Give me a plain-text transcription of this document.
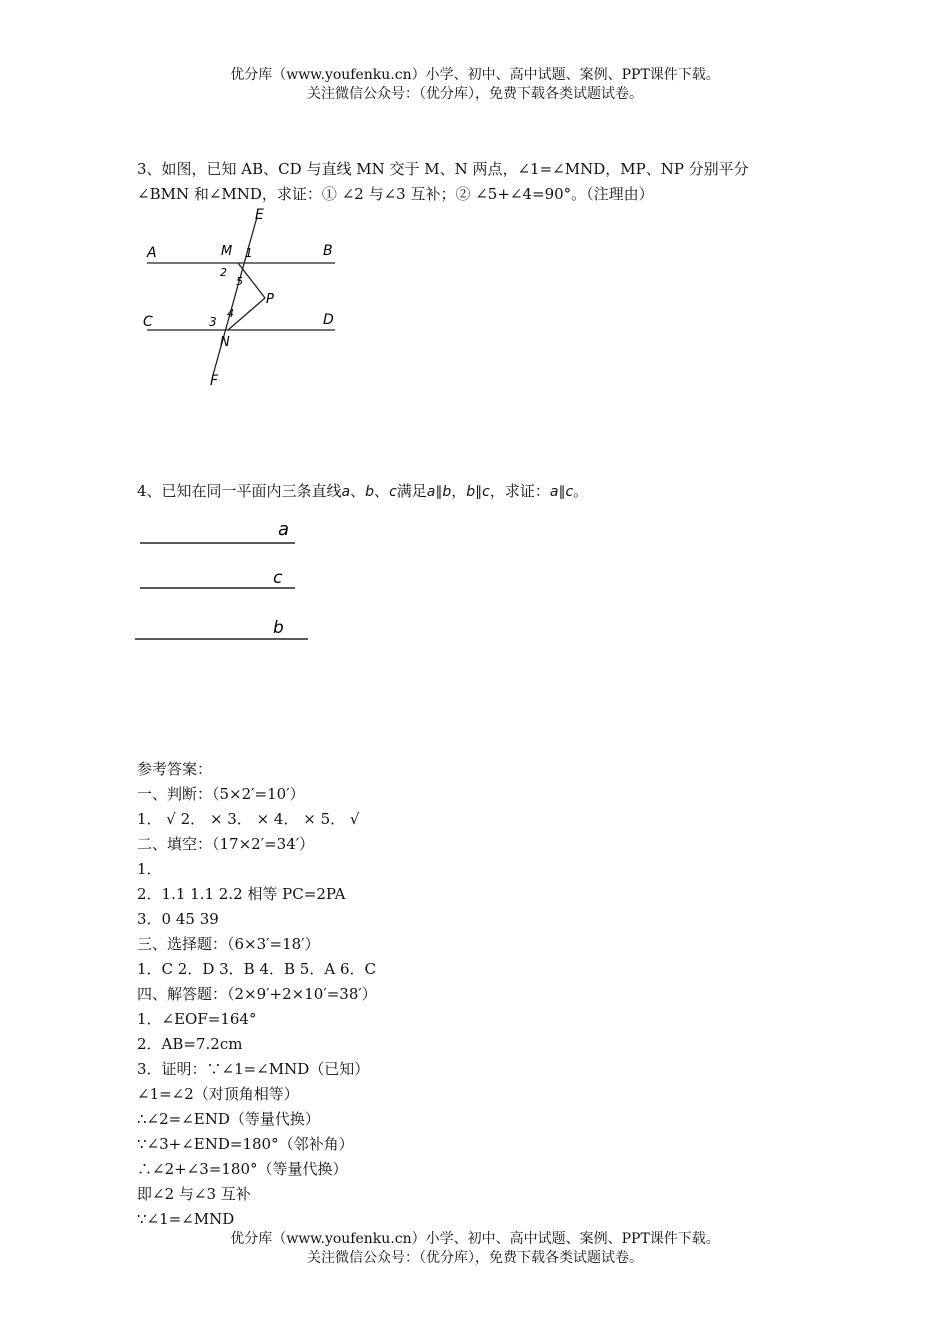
优分库（www.youfenku.cn）小学、初中、高中试题、案例、PPT课件下载。
关注微信公众号：（优分库），免费下载各类试题试卷。

3、如图，已知 AB、CD 与直线 MN 交于 M、N 两点，∠1=∠MND，MP、NP 分别平分

∠BMN 和∠MND，求证：① ∠2 与∠3 互补；② ∠5+∠4=90°。（注理由）

E
A	M 1	B
2
5
P
C	3
4	D
N
F

4、已知在同一平面内三条直线a、b、c满足a∥b，b∥c，求证：a∥c。

a
c
b
参考答案：
一、判断：（5×2′=10′）
1． √ 2． × 3． × 4． × 5． √
二、填空：（17×2′=34′）
1．
2．1.1 1.1 2.2 相等 PC=2PA
3．0 45 39
三、选择题：（6×3′=18′）
1．C 2．D 3．B 4．B 5．A 6．C
四、解答题：（2×9′+2×10′=38′）
1．∠EOF=164°
2．AB=7.2cm
3．证明：∵∠1=∠MND（已知）
∠1=∠2（对顶角相等）
∴∠2=∠END（等量代换）
∵∠3+∠END=180°（邻补角）
∴∠2+∠3=180°（等量代换）
即∠2 与∠3 互补
∵∠1=∠MND
优分库（www.youfenku.cn）小学、初中、高中试题、案例、PPT课件下载。
关注微信公众号：（优分库），免费下载各类试题试卷。
